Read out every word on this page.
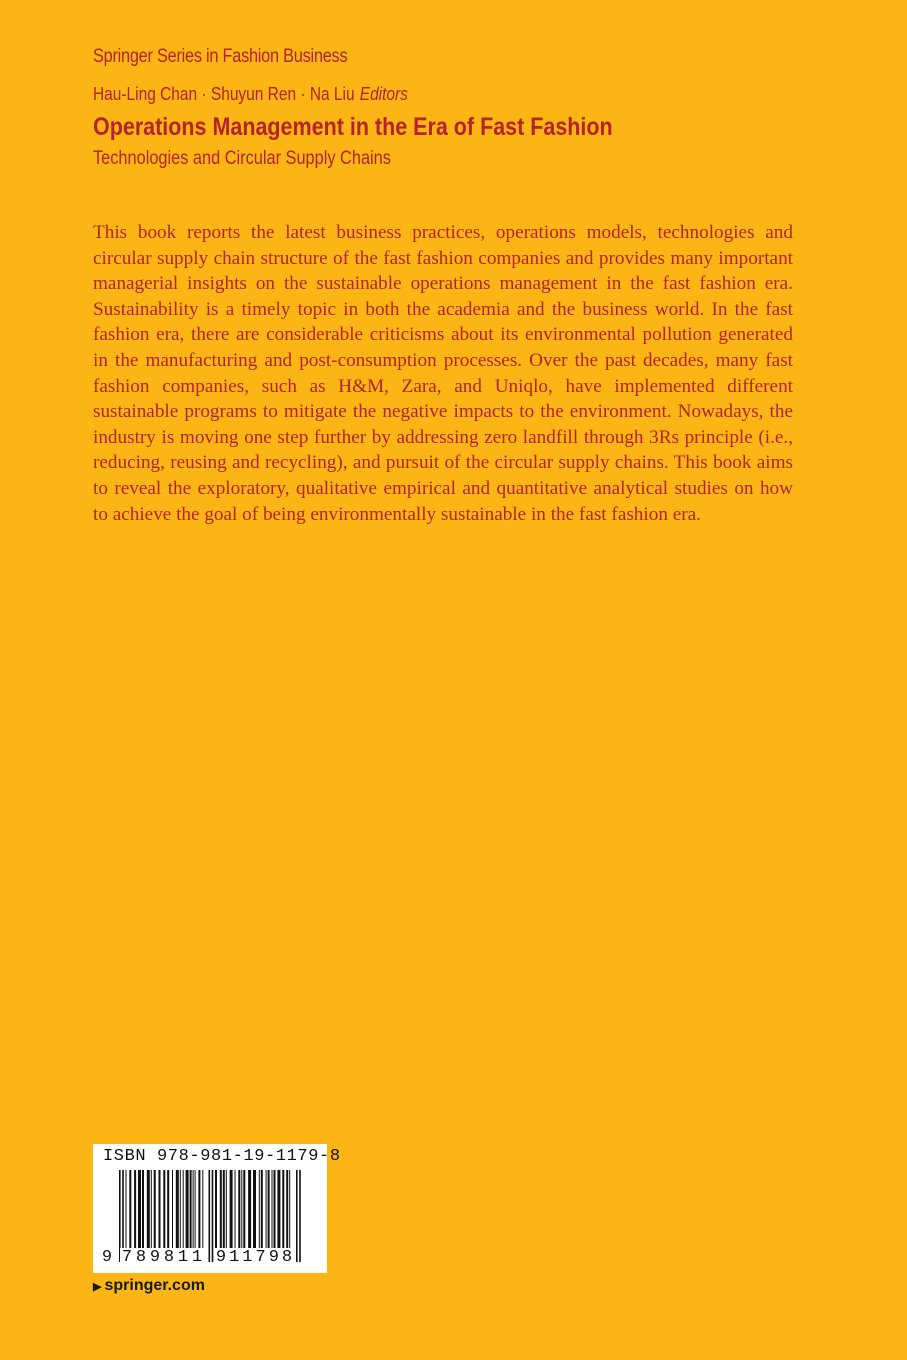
Springer Series in Fashion Business
Hau-Ling Chan · Shuyun Ren · Na Liu Editors
Operations Management in the Era of Fast Fashion
Technologies and Circular Supply Chains

This book reports the latest business practices, operations models, technologies and circular supply chain structure of the fast fashion companies and provides many important managerial insights on the sustainable operations management in the fast fashion era. Sustainability is a timely topic in both the academia and the business world. In the fast fashion era, there are considerable criticisms about its environmental pollution generated in the manufacturing and post-consumption processes. Over the past decades, many fast fashion companies, such as H&M, Zara, and Uniqlo, have implemented different sustainable programs to mitigate the negative impacts to the environment. Nowadays, the industry is moving one step further by addressing zero landfill through 3Rs principle (i.e., reducing, reusing and recycling), and pursuit of the circular supply chains. This book aims to reveal the exploratory, qualitative empirical and quantitative analytical studies on how to achieve the goal of being environmentally sustainable in the fast fashion era.

ISBN 978-981-19-1179-8
9 7 8 9 8 1 1 9 1 1 7 9 8
▶ springer.com
